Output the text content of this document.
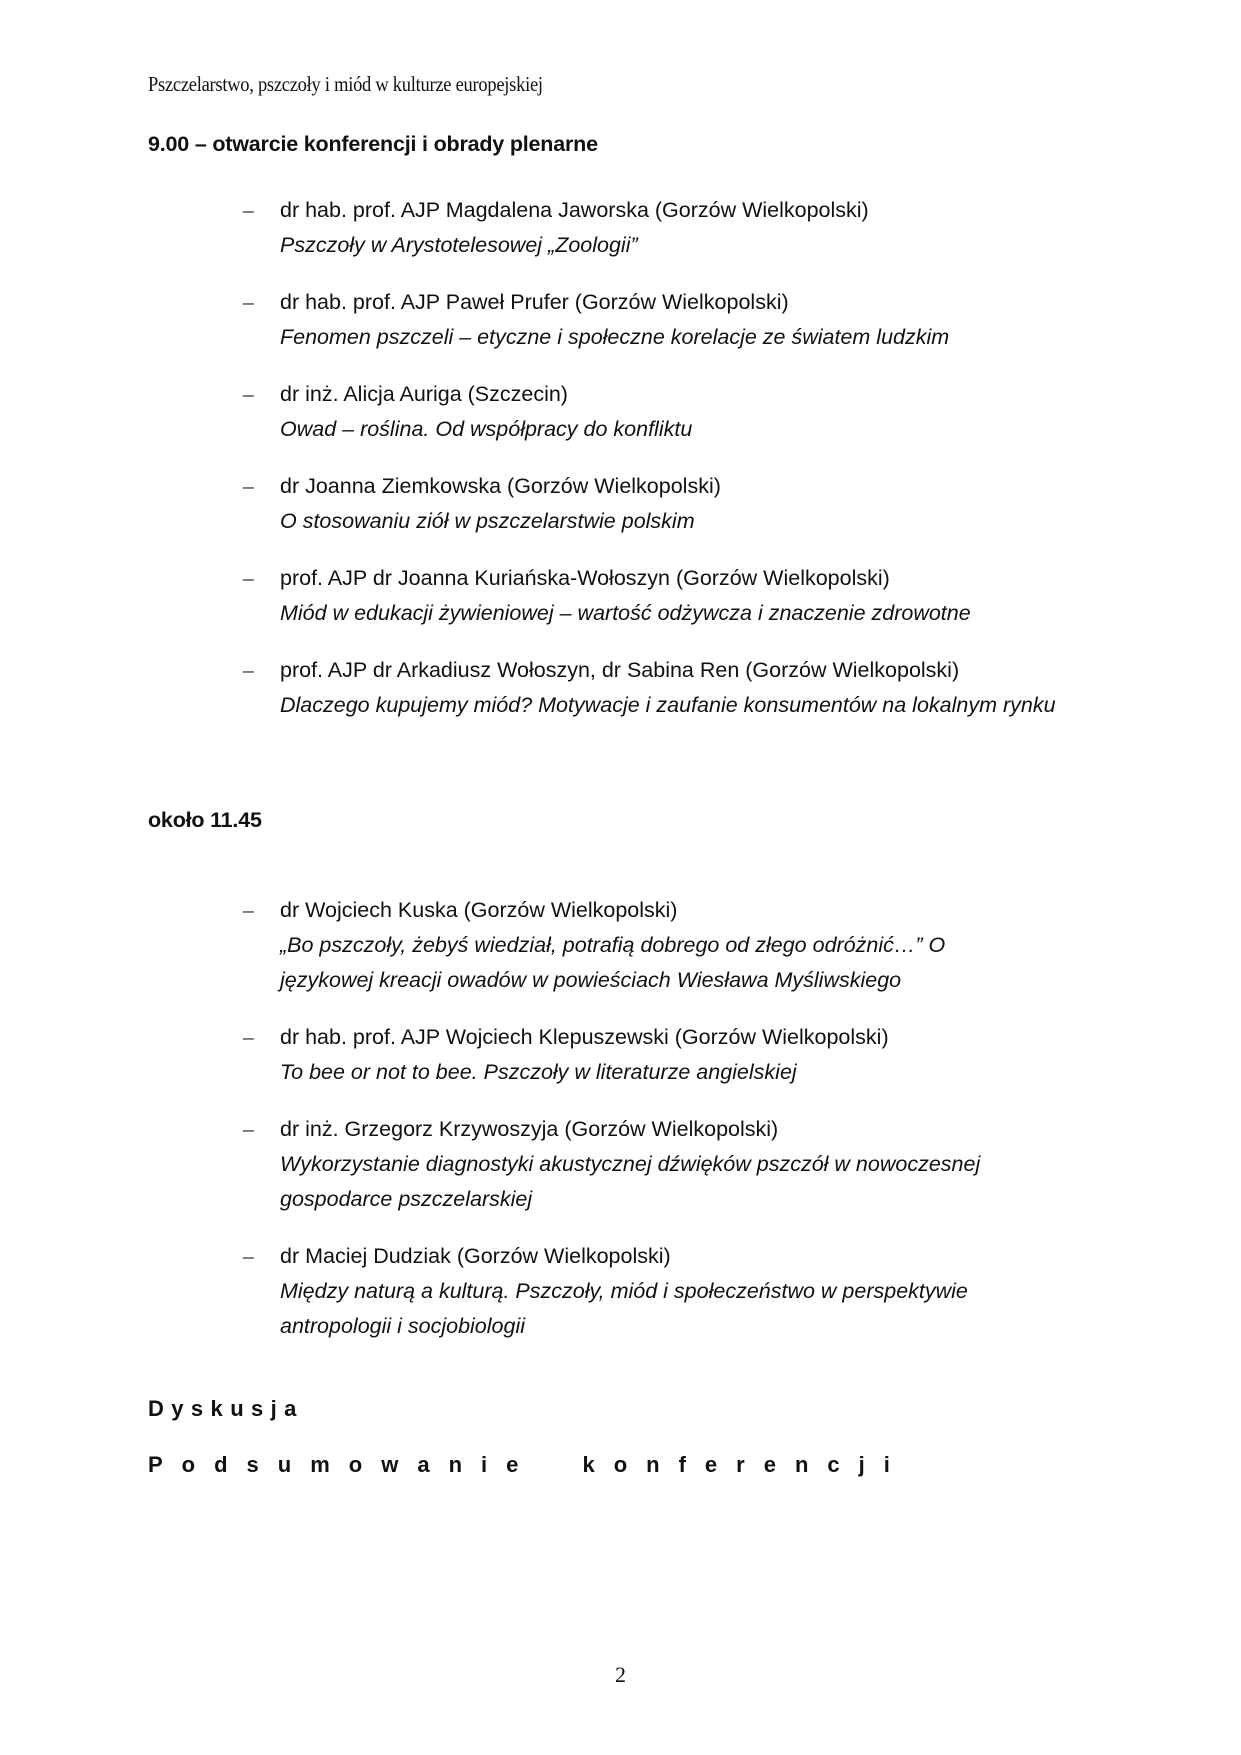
Pszczelarstwo, pszczoły i miód w kulturze europejskiej
9.00 – otwarcie konferencji i obrady plenarne
– dr hab. prof. AJP Magdalena Jaworska (Gorzów Wielkopolski)
Pszczoły w Arystotelesowej „Zoologii”
– dr hab. prof. AJP Paweł Prufer (Gorzów Wielkopolski)
Fenomen pszczeli – etyczne i społeczne korelacje ze światem ludzkim
– dr inż. Alicja Auriga (Szczecin)
Owad – roślina. Od współpracy do konfliktu
– dr Joanna Ziemkowska (Gorzów Wielkopolski)
O stosowaniu ziół w pszczelarstwie polskim
– prof. AJP dr Joanna Kuriańska-Wołoszyn (Gorzów Wielkopolski)
Miód w edukacji żywieniowej – wartość odżywcza i znaczenie zdrowotne
– prof. AJP dr Arkadiusz Wołoszyn, dr Sabina Ren (Gorzów Wielkopolski)
Dlaczego kupujemy miód? Motywacje i zaufanie konsumentów na lokalnym rynku
około 11.45
– dr Wojciech Kuska (Gorzów Wielkopolski)
„Bo pszczoły, żebyś wiedział, potrafią dobrego od złego odróżnić…” O językowej kreacji owadów w powieściach Wiesława Myśliwskiego
– dr hab. prof. AJP Wojciech Klepuszewski (Gorzów Wielkopolski)
To bee or not to bee. Pszczoły w literaturze angielskiej
– dr inż. Grzegorz Krzywoszyja (Gorzów Wielkopolski)
Wykorzystanie diagnostyki akustycznej dźwięków pszczół w nowoczesnej gospodarce pszczelarskiej
– dr Maciej Dudziak (Gorzów Wielkopolski)
Między naturą a kulturą. Pszczoły, miód i społeczeństwo w perspektywie antropologii i socjobiologii
Dyskusja
Podsumowanie konferencji
2
